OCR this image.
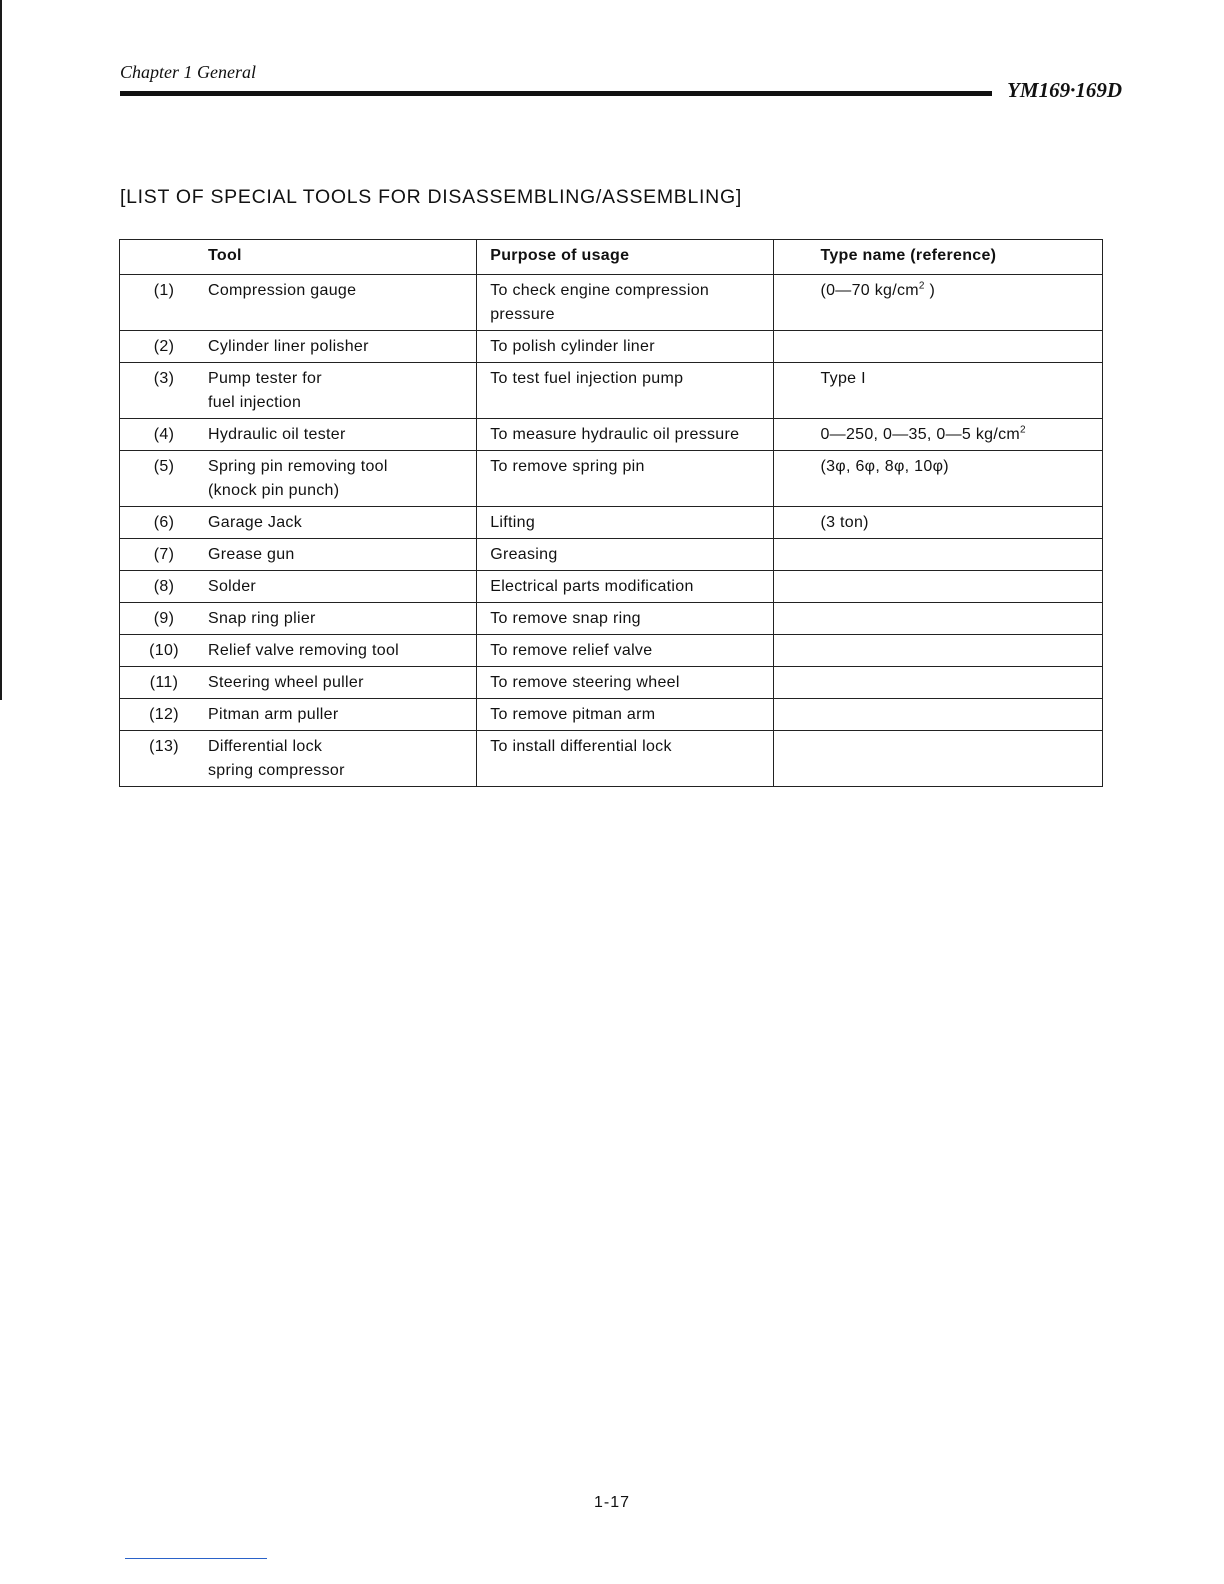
Chapter 1 General
YM169·169D
[LIST OF SPECIAL TOOLS FOR DISASSEMBLING/ASSEMBLING]
Tool	Purpose of usage	Type name (reference)

(1) Compression gauge	To check engine compression pressure	(0—70 $kg/cm^2$ )

(2) Cylinder liner polisher	To polish cylinder liner	

(3) Pump tester for
fuel injection	To test fuel injection pump	Type I

(4) Hydraulic oil tester	To measure hydraulic oil pressure	0—250, 0—35, 0—5 $kg/cm^2$

(5) Spring pin removing tool
(knock pin punch)	To remove spring pin	(3φ, 6φ, 8φ, 10φ)

(6) Garage Jack	Lifting	(3 ton)

(7) Grease gun	Greasing	

(8) Solder	Electrical parts modification	

(9) Snap ring plier	To remove snap ring	

(10) Relief valve removing tool	To remove relief valve	

(11) Steering wheel puller	To remove steering wheel	

(12) Pitman arm puller	To remove pitman arm	

(13) Differential lock
spring compressor	To install differential lock	
1-17
